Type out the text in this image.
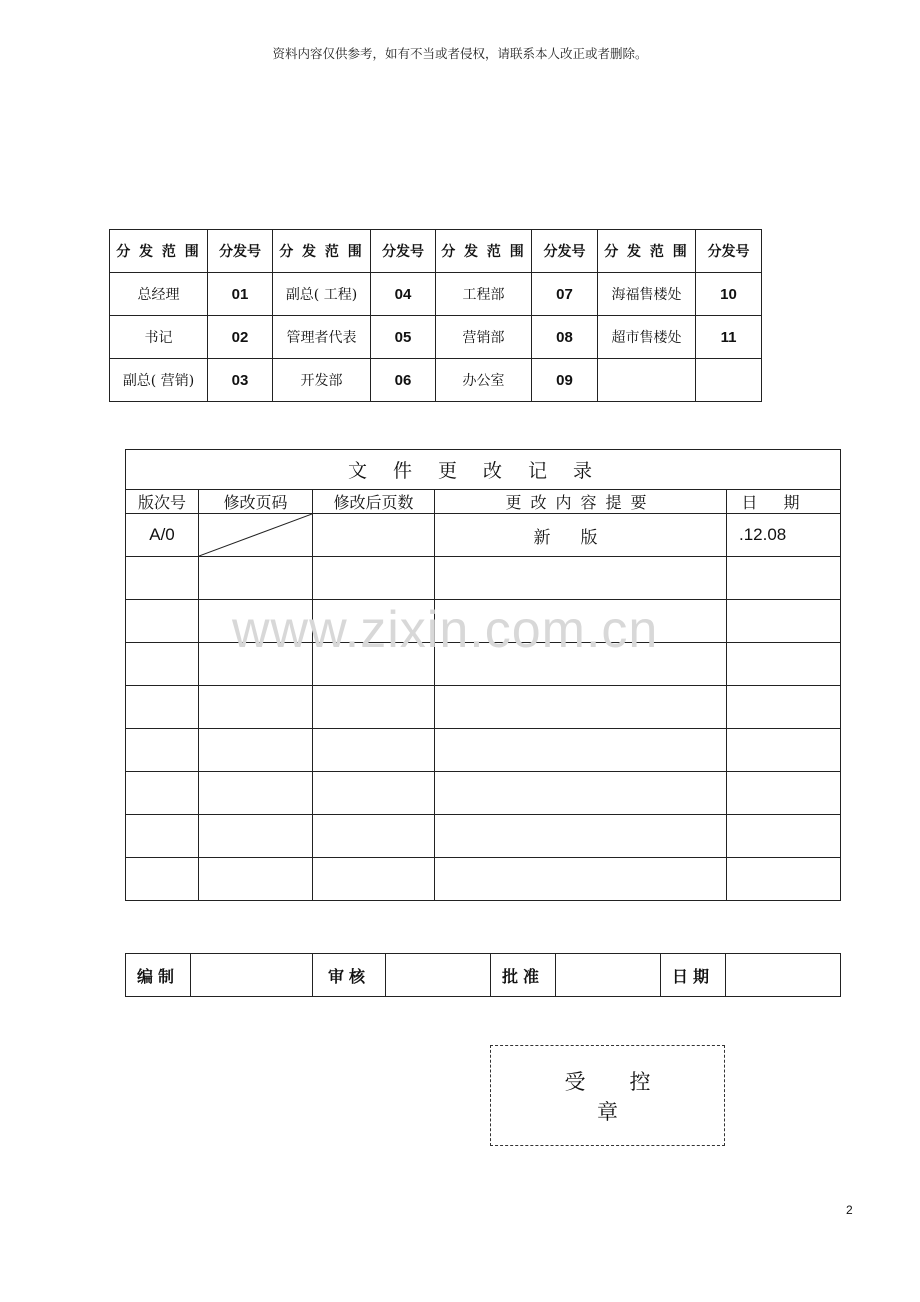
资料内容仅供参考，如有不当或者侵权，请联系本人改正或者删除。
分 发 范 围	分发号	分 发 范 围	分发号	分 发 范 围	分发号	分 发 范 围	分发号
总经理	01	副总( 工程)	04	工程部	07	海福售楼处	10
书记	02	管理者代表	05	营销部	08	超市售楼处	11
副总( 营销)	03	开发部	06	办公室	09		
文件更改记录				
版次号	修改页码	修改后页数	更改内容提要	日期
A/0			新版	.12.08

www.zixin.com.cn
编制		审核		批准		日期	
受控章
2
